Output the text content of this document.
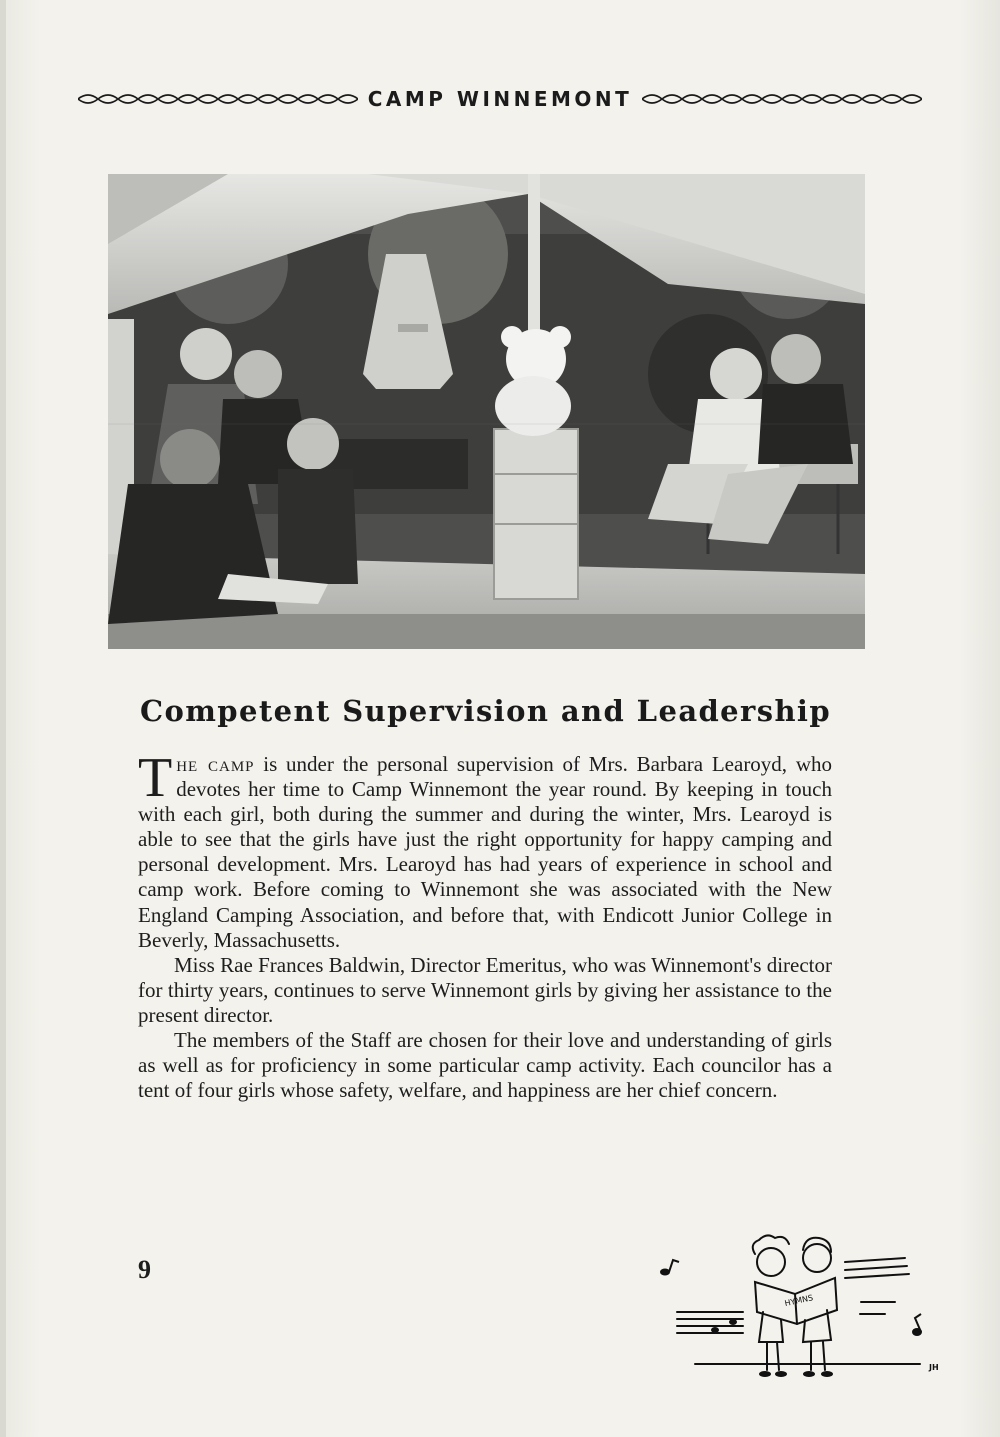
CAMP WINNEMONT
Competent Supervision and Leadership

The camp is under the personal supervision of Mrs. Barbara Learoyd, who devotes her time to Camp Winnemont the year round. By keeping in touch with each girl, both during the summer and during the winter, Mrs. Learoyd is able to see that the girls have just the right opportunity for happy camping and personal development. Mrs. Learoyd has had years of experience in school and camp work. Before coming to Winnemont she was associated with the New England Camping Association, and before that, with Endicott Junior College in Beverly, Massachusetts.

Miss Rae Frances Baldwin, Director Emeritus, who was Winnemont's director for thirty years, continues to serve Winnemont girls by giving her assistance to the present director.

The members of the Staff are chosen for their love and understanding of girls as well as for proficiency in some particular camp activity. Each councilor has a tent of four girls whose safety, welfare, and happiness are her chief concern.

9
HYMNS
JH
